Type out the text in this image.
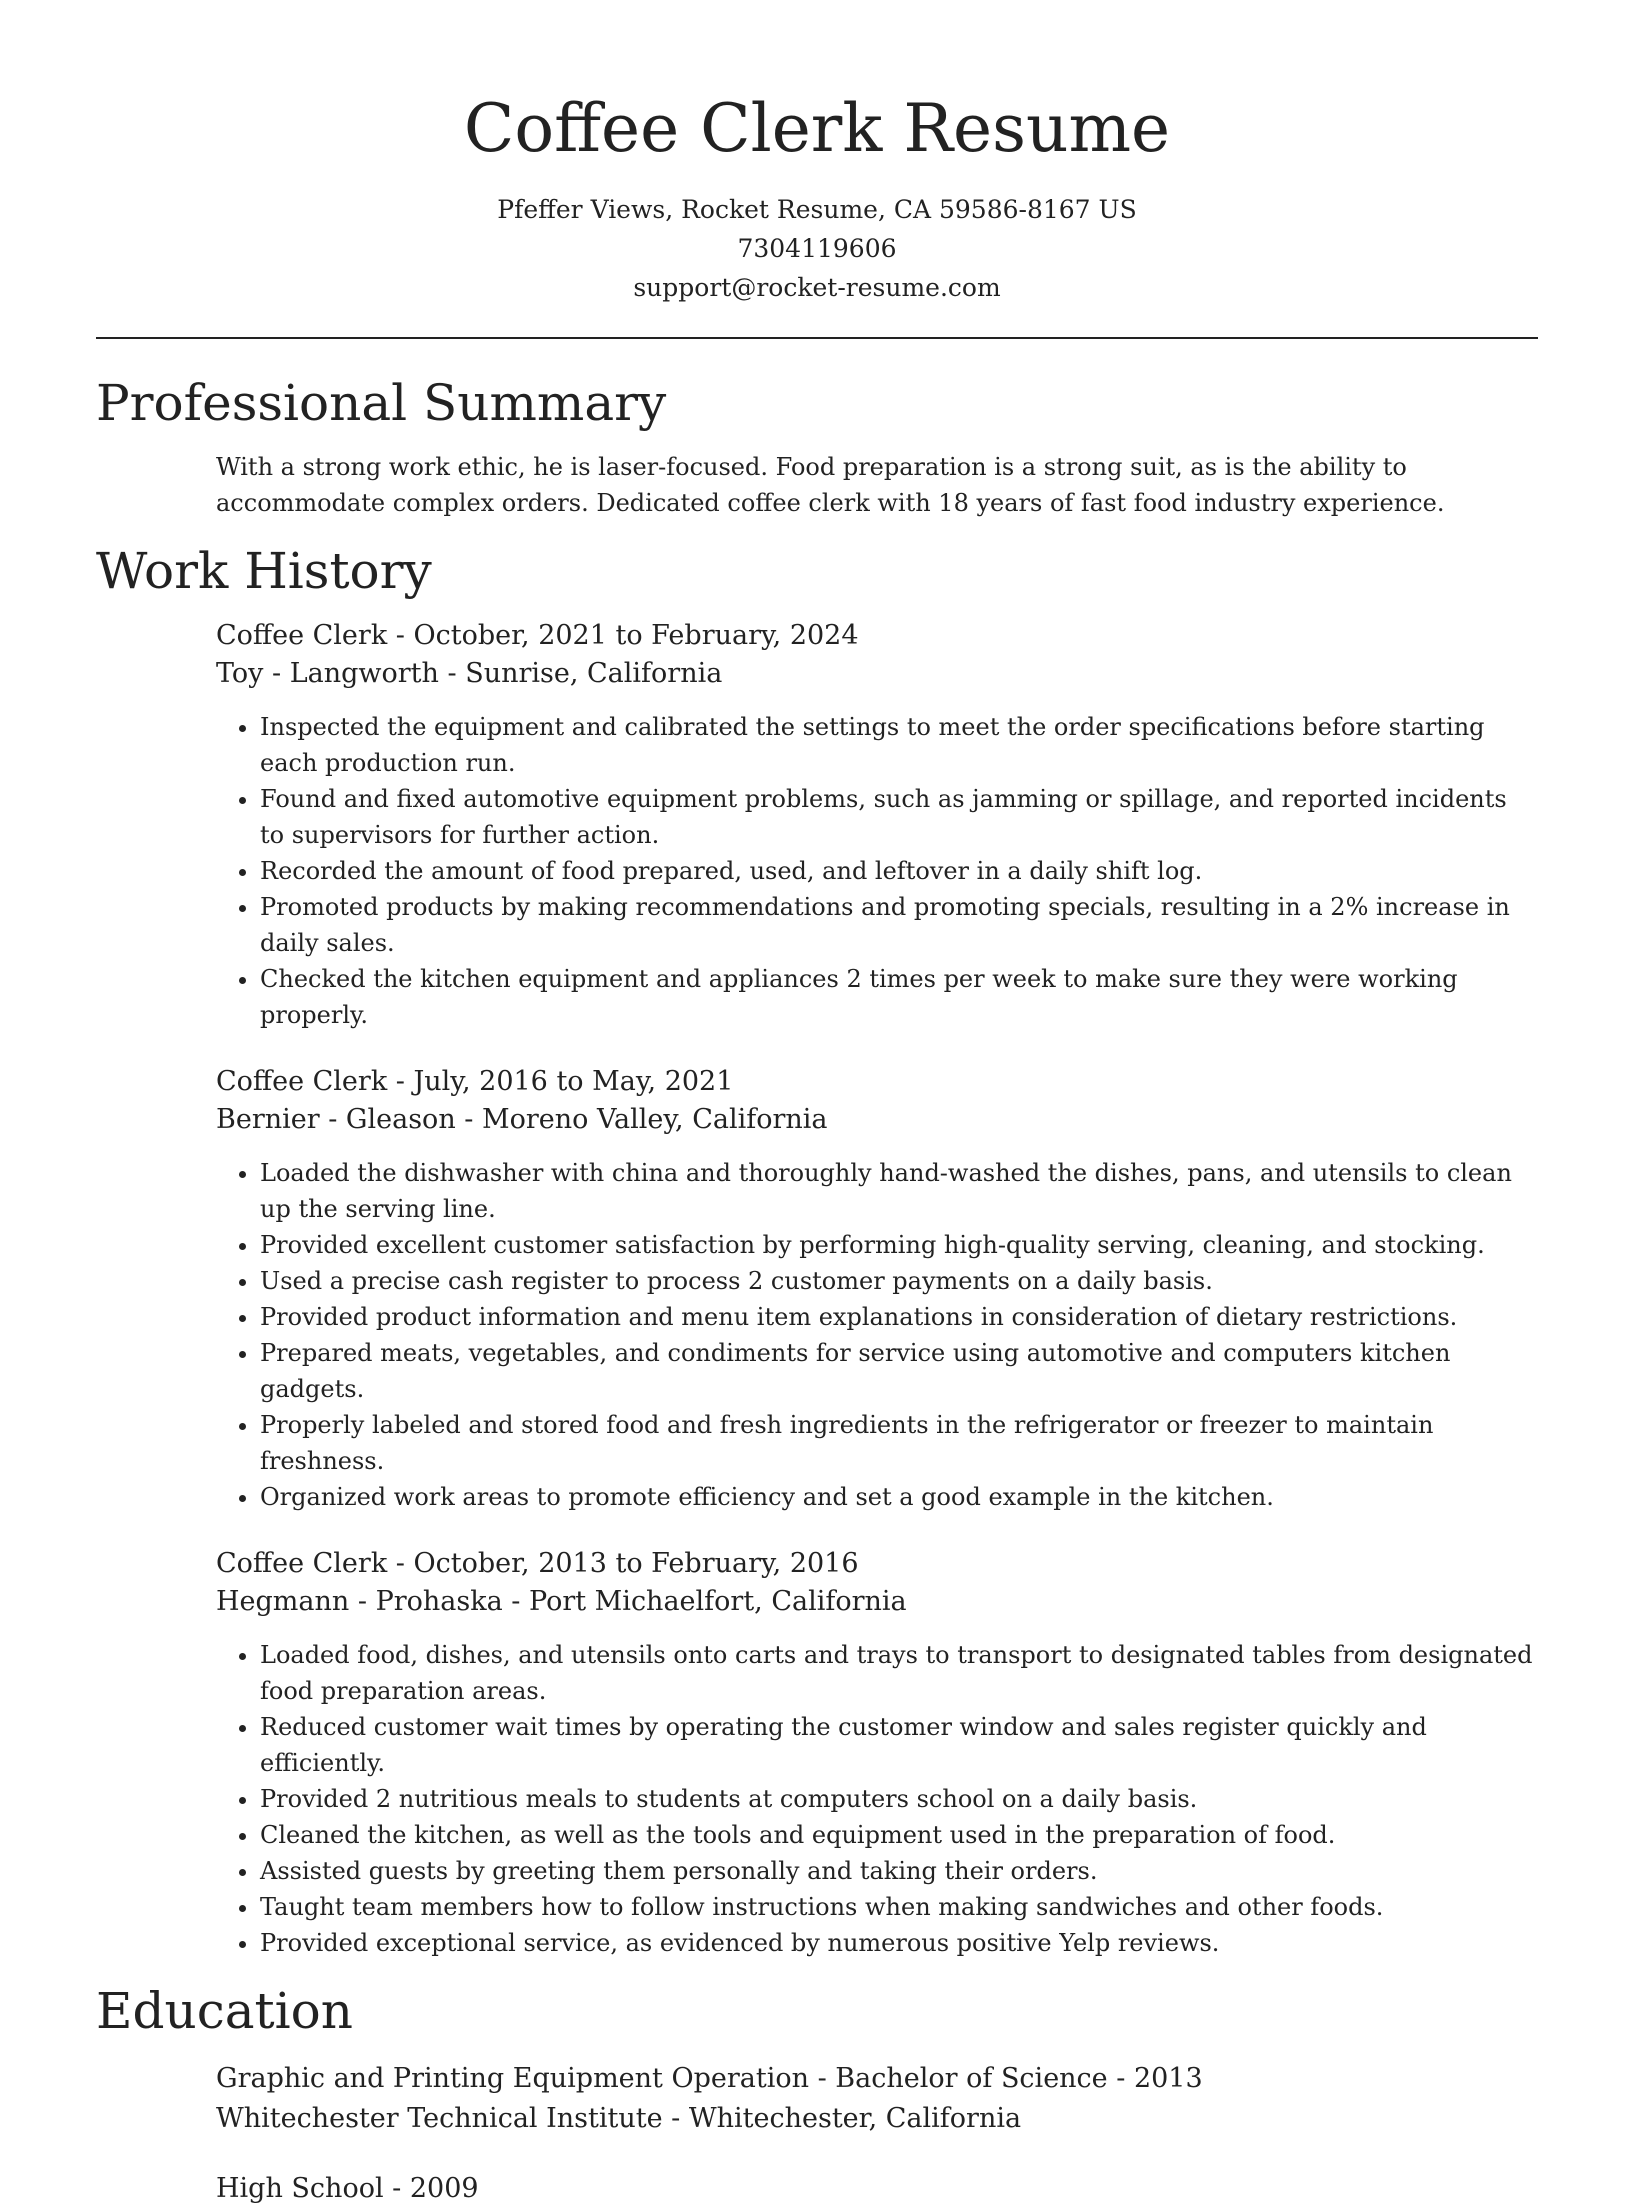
Coffee Clerk Resume

Pfeffer Views, Rocket Resume, CA 59586-8167 US

7304119606

support@rocket-resume.com

Professional Summary

With a strong work ethic, he is laser-focused. Food preparation is a strong suit, as is the ability to accommodate complex orders. Dedicated coffee clerk with 18 years of fast food industry experience.

Work History

Coffee Clerk - October, 2021 to February, 2024

Toy - Langworth - Sunrise, California

• Inspected the equipment and calibrated the settings to meet the order specifications before starting each production run.
• Found and fixed automotive equipment problems, such as jamming or spillage, and reported incidents to supervisors for further action.
• Recorded the amount of food prepared, used, and leftover in a daily shift log.
• Promoted products by making recommendations and promoting specials, resulting in a 2% increase in daily sales.
• Checked the kitchen equipment and appliances 2 times per week to make sure they were working properly.

Coffee Clerk - July, 2016 to May, 2021

Bernier - Gleason - Moreno Valley, California

• Loaded the dishwasher with china and thoroughly hand-washed the dishes, pans, and utensils to clean up the serving line.
• Provided excellent customer satisfaction by performing high-quality serving, cleaning, and stocking.
• Used a precise cash register to process 2 customer payments on a daily basis.
• Provided product information and menu item explanations in consideration of dietary restrictions.
• Prepared meats, vegetables, and condiments for service using automotive and computers kitchen gadgets.
• Properly labeled and stored food and fresh ingredients in the refrigerator or freezer to maintain freshness.
• Organized work areas to promote efficiency and set a good example in the kitchen.

Coffee Clerk - October, 2013 to February, 2016

Hegmann - Prohaska - Port Michaelfort, California

• Loaded food, dishes, and utensils onto carts and trays to transport to designated tables from designated food preparation areas.
• Reduced customer wait times by operating the customer window and sales register quickly and efficiently.
• Provided 2 nutritious meals to students at computers school on a daily basis.
• Cleaned the kitchen, as well as the tools and equipment used in the preparation of food.
• Assisted guests by greeting them personally and taking their orders.
• Taught team members how to follow instructions when making sandwiches and other foods.
• Provided exceptional service, as evidenced by numerous positive Yelp reviews.
Education

Graphic and Printing Equipment Operation - Bachelor of Science - 2013

Whitechester Technical Institute - Whitechester, California

High School - 2009
